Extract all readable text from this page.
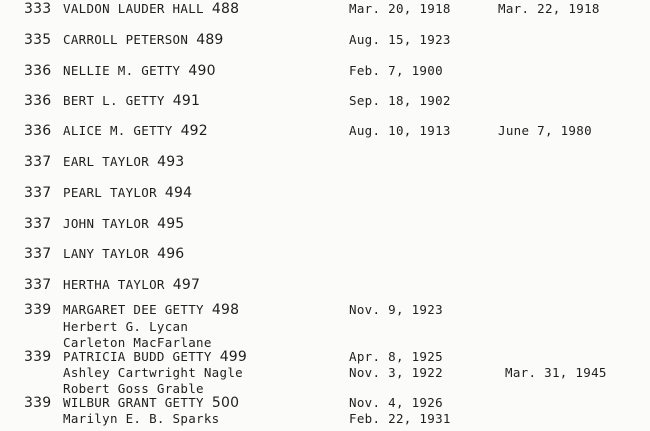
333 VALDON LAUDER HALL 488	Mar. 20, 1918	Mar. 22, 1918
335 CARROLL PETERSON 489	Aug. 15, 1923
336 NELLIE M. GETTY 490	Feb. 7, 1900
336 BERT L. GETTY 491	Sep. 18, 1902
336 ALICE M. GETTY 492	Aug. 10, 1913	June 7, 1980
337 EARL TAYLOR 493
337 PEARL TAYLOR 494
337 JOHN TAYLOR 495
337 LANY TAYLOR 496
337 HERTHA TAYLOR 497
339 MARGARET DEE GETTY 498	Nov. 9, 1923
Herbert G. Lycan
Carleton MacFarlane
339 PATRICIA BUDD GETTY 499	Apr. 8, 1925
Ashley Cartwright Nagle	Nov. 3, 1922	Mar. 31, 1945
Robert Goss Grable
339 WILBUR GRANT GETTY 500	Nov. 4, 1926
Marilyn E. B. Sparks	Feb. 22, 1931
